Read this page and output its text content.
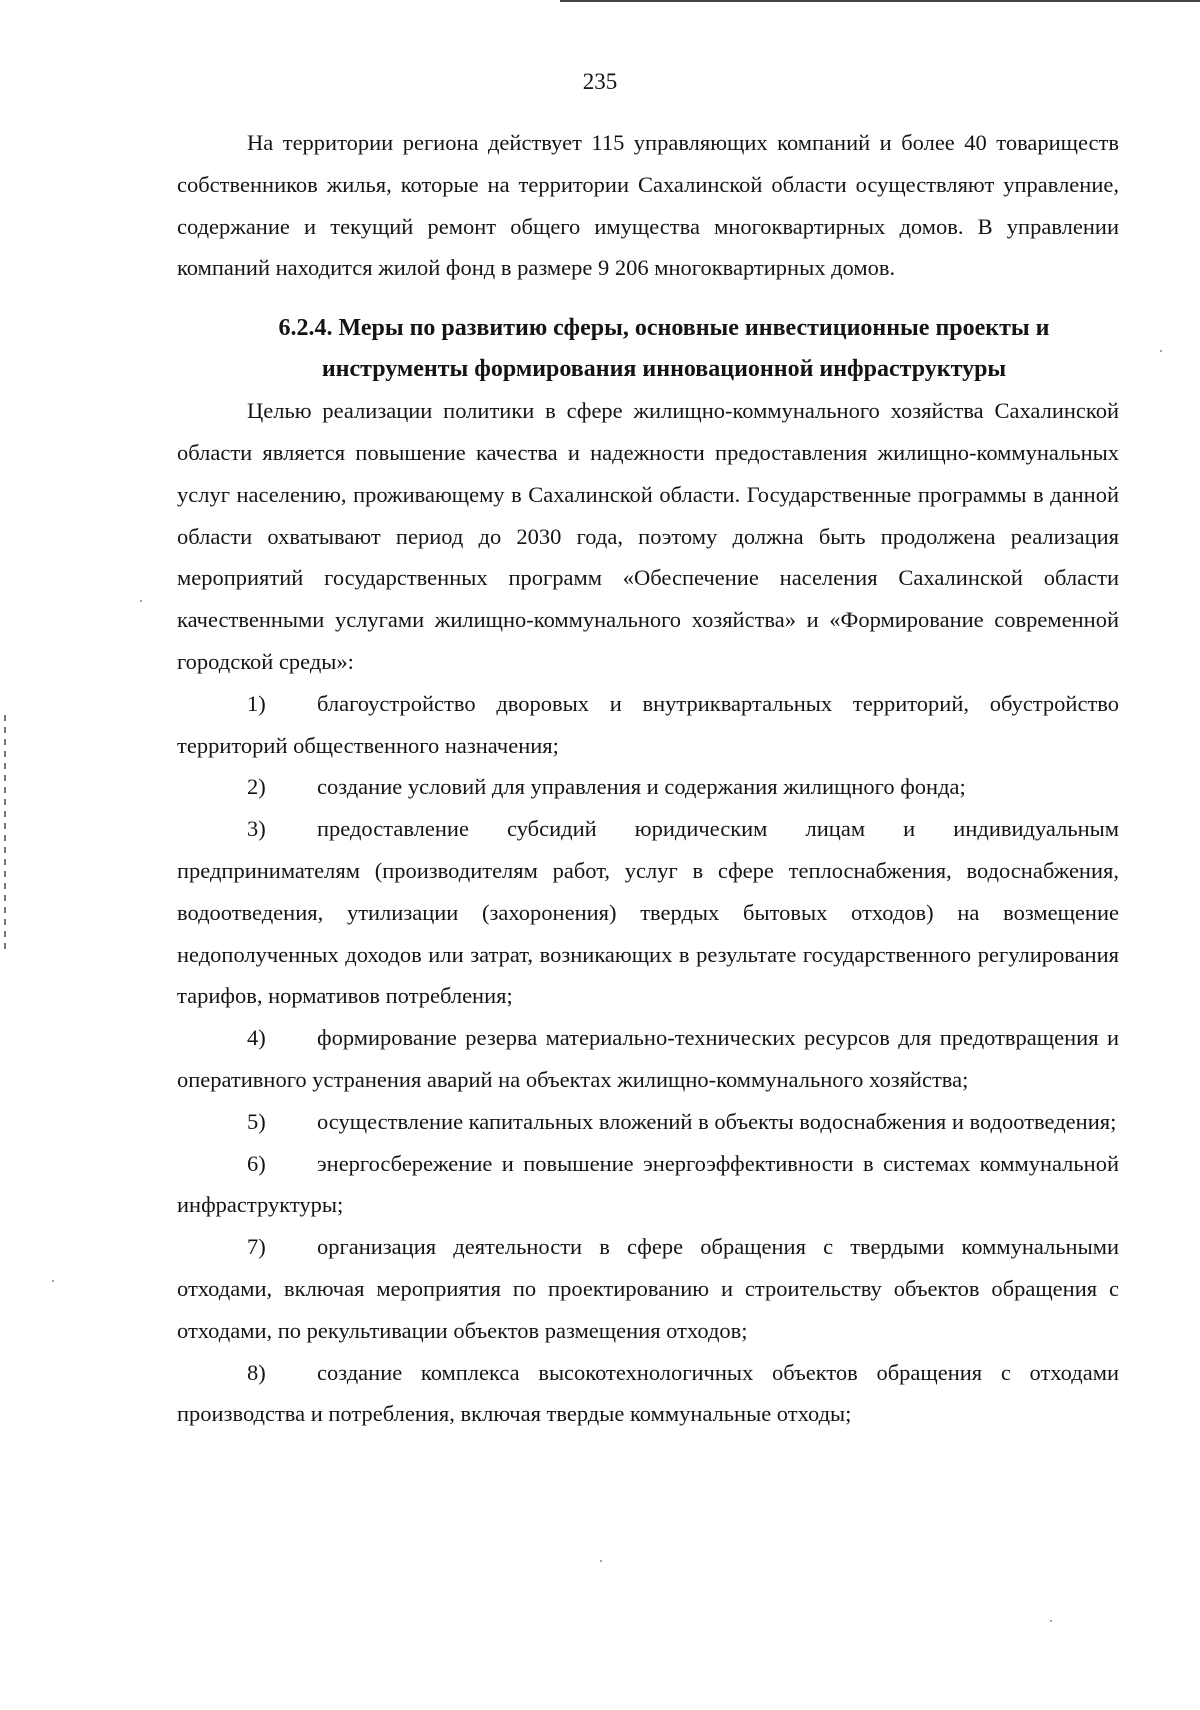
235

На территории региона действует 115 управляющих компаний и более 40 товариществ собственников жилья, которые на территории Сахалинской области осуществляют управление, содержание и текущий ремонт общего имущества многоквартирных домов. В управлении компаний находится жилой фонд в размере 9 206 многоквартирных домов.

6.2.4. Меры по развитию сферы, основные инвестиционные проекты и инструменты формирования инновационной инфраструктуры

Целью реализации политики в сфере жилищно-коммунального хозяйства Сахалинской области является повышение качества и надежности предоставления жилищно-коммунальных услуг населению, проживающему в Сахалинской области. Государственные программы в данной области охватывают период до 2030 года, поэтому должна быть продолжена реализация мероприятий государственных программ «Обеспечение населения Сахалинской области качественными услугами жилищно-коммунального хозяйства» и «Формирование современной городской среды»:

1) благоустройство дворовых и внутриквартальных территорий, обустройство территорий общественного назначения;

2) создание условий для управления и содержания жилищного фонда;

3) предоставление субсидий юридическим лицам и индивидуальным предпринимателям (производителям работ, услуг в сфере теплоснабжения, водоснабжения, водоотведения, утилизации (захоронения) твердых бытовых отходов) на возмещение недополученных доходов или затрат, возникающих в результате государственного регулирования тарифов, нормативов потребления;

4) формирование резерва материально-технических ресурсов для предотвращения и оперативного устранения аварий на объектах жилищно-коммунального хозяйства;

5) осуществление капитальных вложений в объекты водоснабжения и водоотведения;

6) энергосбережение и повышение энергоэффективности в системах коммунальной инфраструктуры;

7) организация деятельности в сфере обращения с твердыми коммунальными отходами, включая мероприятия по проектированию и строительству объектов обращения с отходами, по рекультивации объектов размещения отходов;

8) создание комплекса высокотехнологичных объектов обращения с отходами производства и потребления, включая твердые коммунальные отходы;
